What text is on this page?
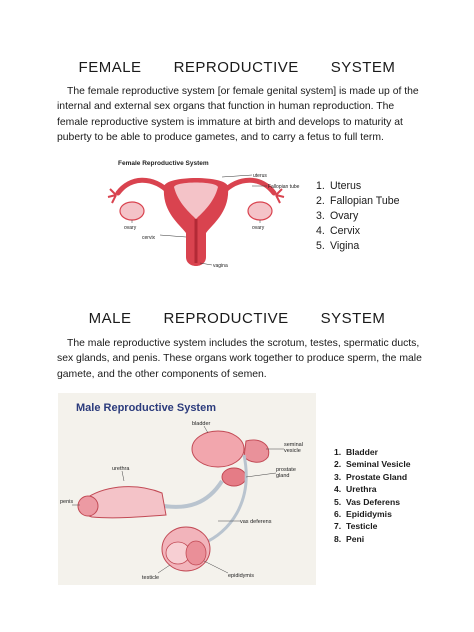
FEMALE   REPRODUCTIVE   SYSTEM
The female reproductive system [or female genital system] is made up of the internal and external sex organs that function in human reproduction. The female reproductive system is immature at birth and develops to maturity at puberty to be able to produce gametes, and to carry a fetus to full term.
Female Reproductive System
uterus
Fallopian tube
ovary	ovary
cervix
vagina
1. Uterus
2. Fallopian Tube
3. Ovary
4. Cervix
5. Vigina
MALE   REPRODUCTIVE   SYSTEM
The male reproductive system includes the scrotum, testes, spermatic ducts, sex glands, and penis. These organs work together to produce sperm, the male gamete, and the other components of semen.
Male Reproductive System
bladder
seminal
vesicle
prostate
gland
urethra
penis
vas deferens
epididymis
testicle
1. Bladder
2. Seminal Vesicle
3. Prostate Gland
4. Urethra
5. Vas Deferens
6. Epididymis
7. Testicle
8. Peni
